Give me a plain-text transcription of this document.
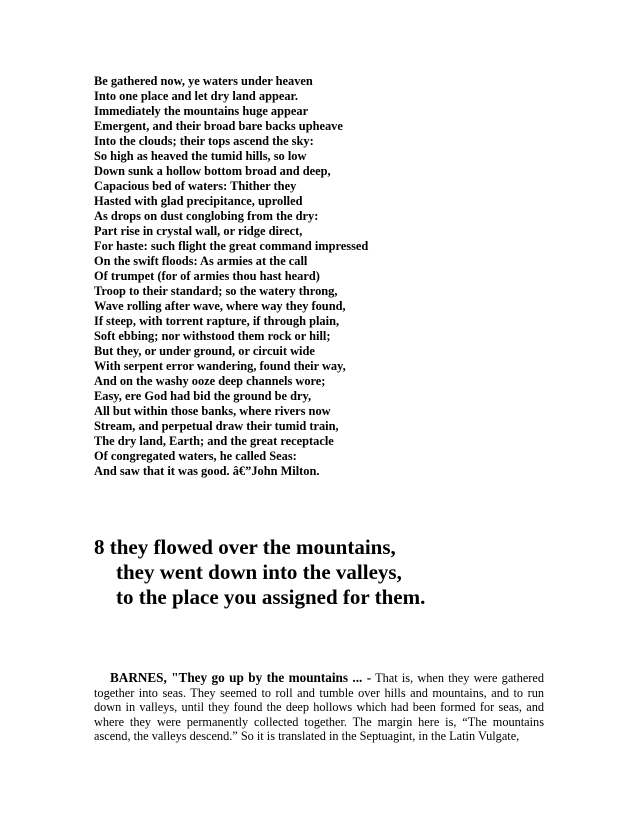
Be gathered now, ye waters under heaven
Into one place and let dry land appear.
Immediately the mountains huge appear
Emergent, and their broad bare backs upheave
Into the clouds; their tops ascend the sky:
So high as heaved the tumid hills, so low
Down sunk a hollow bottom broad and deep,
Capacious bed of waters: Thither they
Hasted with glad precipitance, uprolled
As drops on dust conglobing from the dry:
Part rise in crystal wall, or ridge direct,
For haste: such flight the great command impressed
On the swift floods: As armies at the call
Of trumpet (for of armies thou hast heard)
Troop to their standard; so the watery throng,
Wave rolling after wave, where way they found,
If steep, with torrent rapture, if through plain,
Soft ebbing; nor withstood them rock or hill;
But they, or under ground, or circuit wide
With serpent error wandering, found their way,
And on the washy ooze deep channels wore;
Easy, ere God had bid the ground be dry,
All but within those banks, where rivers now
Stream, and perpetual draw their tumid train,
The dry land, Earth; and the great receptacle
Of congregated waters, he called Seas:
And saw that it was good. â€”John Milton.
8 they flowed over the mountains,
they went down into the valleys,
to the place you assigned for them.

BARNES, "They go up by the mountains ... - That is, when they were gathered together into seas. They seemed to roll and tumble over hills and mountains, and to run down in valleys, until they found the deep hollows which had been formed for seas, and where they were permanently collected together. The margin here is, “The mountains ascend, the valleys descend.” So it is translated in the Septuagint, in the Latin Vulgate,
